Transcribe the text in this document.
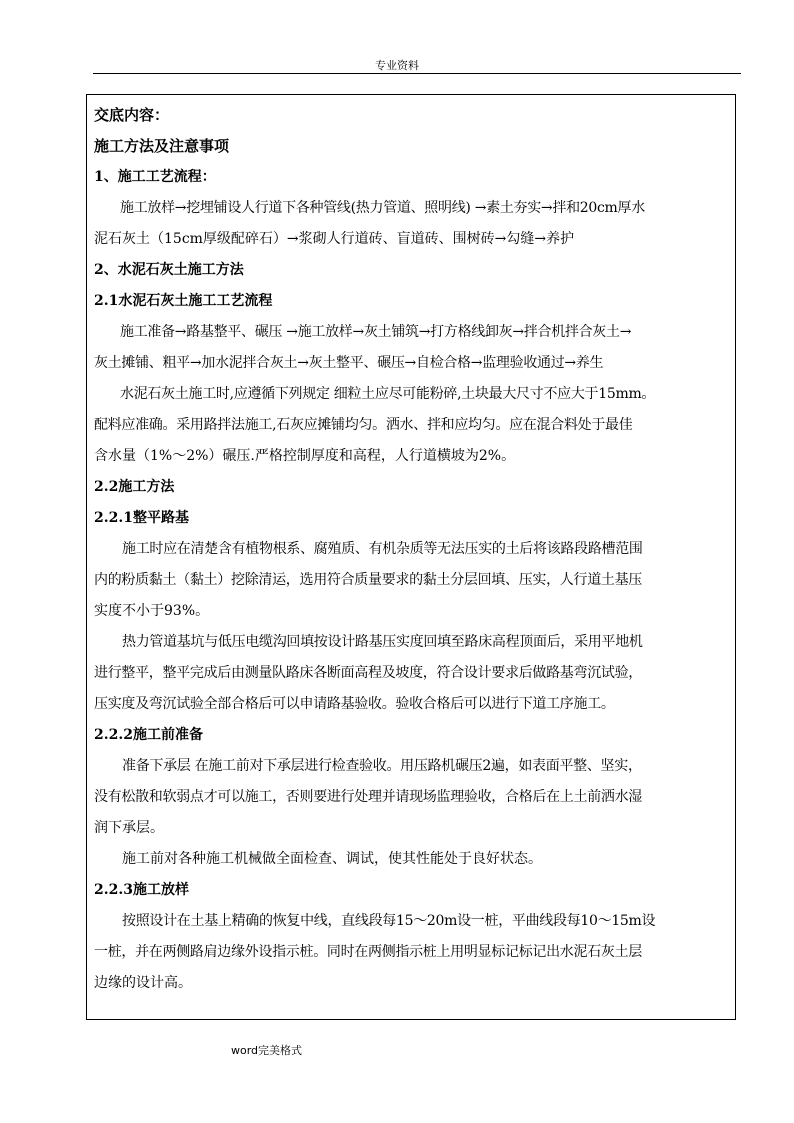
专业资料
交底内容：
施工方法及注意事项
1、施工工艺流程：
施工放样→挖埋铺设人行道下各种管线(热力管道、照明线) →素土夯实→拌和20cm厚水
泥石灰土（15cm厚级配碎石）→浆砌人行道砖、盲道砖、围树砖→勾缝→养护
2、水泥石灰土施工方法
2.1水泥石灰土施工工艺流程
施工准备→路基整平、碾压 →施工放样→灰土铺筑→打方格线卸灰→拌合机拌合灰土→
灰土摊铺、粗平→加水泥拌合灰土→灰土整平、碾压→自检合格→监理验收通过→养生
水泥石灰土施工时,应遵循下列规定 细粒土应尽可能粉碎,土块最大尺寸不应大于15mm。
配料应准确。采用路拌法施工,石灰应摊铺均匀。洒水、拌和应均匀。应在混合料处于最佳
含水量（1%～2%）碾压.严格控制厚度和高程，人行道横坡为2%。
2.2施工方法
2.2.1整平路基
施工时应在清楚含有植物根系、腐殖质、有机杂质等无法压实的土后将该路段路槽范围
内的粉质黏土（黏土）挖除清运，选用符合质量要求的黏土分层回填、压实，人行道土基压
实度不小于93%。
热力管道基坑与低压电缆沟回填按设计路基压实度回填至路床高程顶面后，采用平地机
进行整平，整平完成后由测量队路床各断面高程及坡度，符合设计要求后做路基弯沉试验，
压实度及弯沉试验全部合格后可以申请路基验收。验收合格后可以进行下道工序施工。
2.2.2施工前准备
准备下承层 在施工前对下承层进行检查验收。用压路机碾压2遍，如表面平整、坚实，
没有松散和软弱点才可以施工，否则要进行处理并请现场监理验收，合格后在上土前洒水湿
润下承层。
施工前对各种施工机械做全面检查、调试，使其性能处于良好状态。
2.2.3施工放样
按照设计在土基上精确的恢复中线，直线段每15～20m设一桩，平曲线段每10～15m设
一桩，并在两侧路肩边缘外设指示桩。同时在两侧指示桩上用明显标记标记出水泥石灰土层
边缘的设计高。
word完美格式
